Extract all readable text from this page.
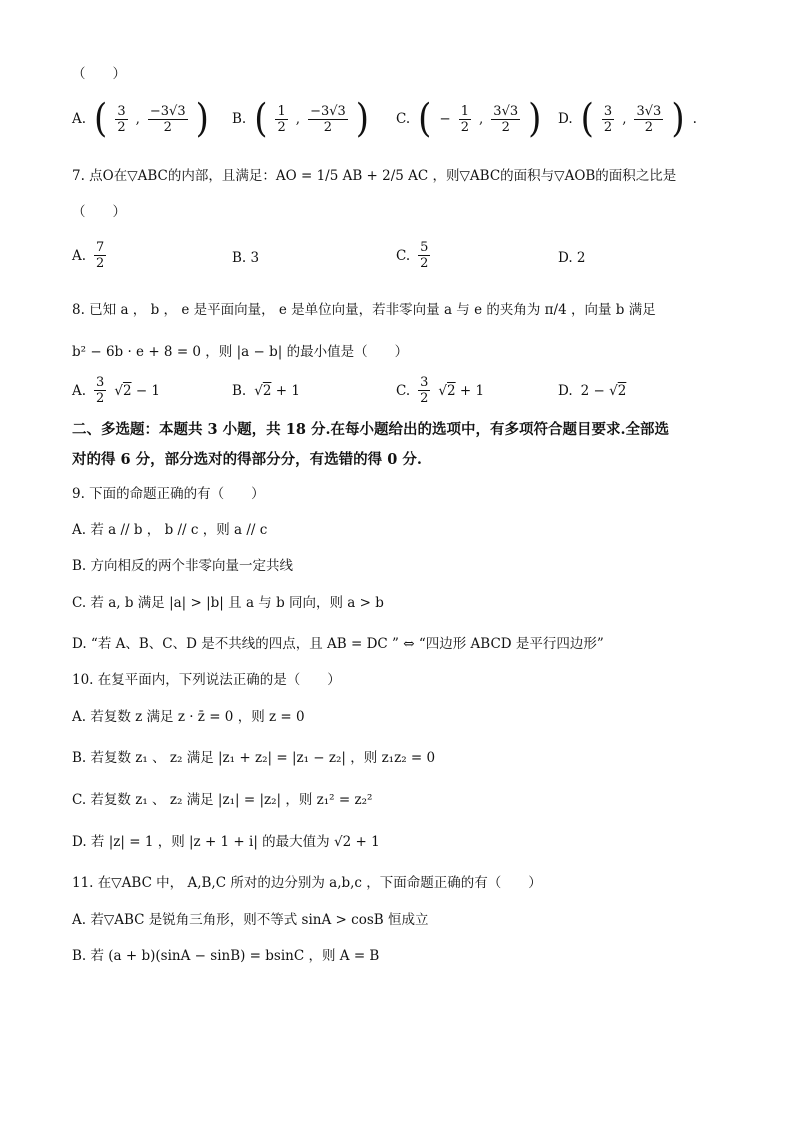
（　　）
A. ( $\frac{3}{2}$ , $\frac{-3√3}{2}$ ) B. ( $\frac{1}{2}$ , $\frac{-3√3}{2}$ ) C. ( − $\frac{1}{2}$ , $\frac{3√3}{2}$ ) D. ( $\frac{3}{2}$ , $\frac{3√3}{2}$ ) .
7. 点O在▽ABC的内部，且满足：AO = 1/5 AB + 2/5 AC ，则▽ABC的面积与▽AOB的面积之比是
（　　）
A. $\frac{7}{2}$	B. 3	C. $\frac{5}{2}$	D. 2
8. 已知 a ， b ， e 是平面向量， e 是单位向量，若非零向量 a 与 e 的夹角为 π/4 ，向量 b 满足
b² − 6b · e + 8 = 0 ，则 |a − b| 的最小值是（　　）
A. $\frac{3}{2} √2 - 1$	B. √2 + 1	C. $\frac{3}{2} √2 + 1$	D. 2 − √2
二、多选题：本题共 3 小题，共 18 分.在每小题给出的选项中，有多项符合题目要求.全部选
对的得 6 分，部分选对的得部分分，有选错的得 0 分.
9. 下面的命题正确的有（　　）
A. 若 a // b ， b // c ，则 a // c
B. 方向相反的两个非零向量一定共线
C. 若 a, b 满足 |a| > |b| 且 a 与 b 同向，则 a > b
D. “若 A、B、C、D 是不共线的四点，且 AB = DC ” ⇔ “四边形 ABCD 是平行四边形”
10. 在复平面内，下列说法正确的是（　　）
A. 若复数 z 满足 z · z̄ = 0 ，则 z = 0
B. 若复数 z₁ 、 z₂ 满足 |z₁ + z₂| = |z₁ − z₂| ，则 z₁z₂ = 0
C. 若复数 z₁ 、 z₂ 满足 |z₁| = |z₂| ，则 z₁² = z₂²
D. 若 |z| = 1 ，则 |z + 1 + i| 的最大值为 √2 + 1
11. 在▽ABC 中， A,B,C 所对的边分别为 a,b,c ，下面命题正确的有（　　）
A. 若▽ABC 是锐角三角形，则不等式 sinA > cosB 恒成立
B. 若 (a + b)(sinA − sinB) = bsinC ，则 A = B
